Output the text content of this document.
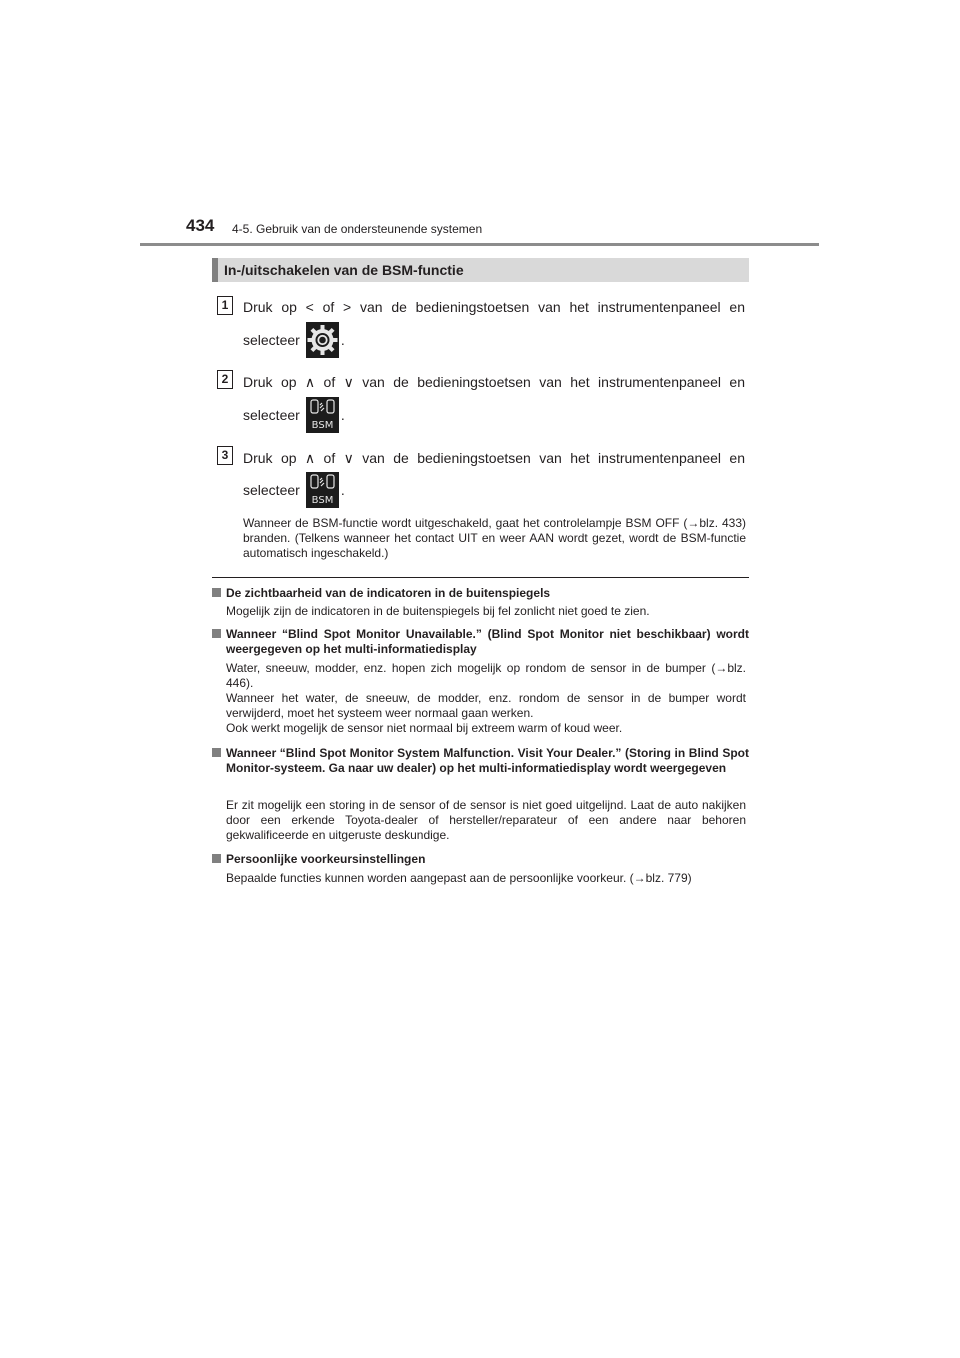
434 4-5. Gebruik van de ondersteunende systemen
In-/uitschakelen van de BSM-functie
1	Druk op < of > van de bedieningstoetsen van het instrumentenpaneel en
selecteer	.
2	Druk op ∧ of ∨ van de bedieningstoetsen van het instrumentenpaneel en
selecteer
BSM
.
3	Druk op ∧ of ∨ van de bedieningstoetsen van het instrumentenpaneel en
selecteer
BSM
.
Wanneer de BSM-functie wordt uitgeschakeld, gaat het controlelampje BSM OFF (→blz. 433) branden. (Telkens wanneer het contact UIT en weer AAN wordt gezet, wordt de BSM-functie automatisch ingeschakeld.)
De zichtbaarheid van de indicatoren in de buitenspiegels

Mogelijk zijn de indicatoren in de buitenspiegels bij fel zonlicht niet goed te zien.

Wanneer “Blind Spot Monitor Unavailable.” (Blind Spot Monitor niet beschikbaar) wordt weergegeven op het multi-informatiedisplay

Water, sneeuw, modder, enz. hopen zich mogelijk op rondom de sensor in de bumper (→blz. 446).

Wanneer het water, de sneeuw, de modder, enz. rondom de sensor in de bumper wordt verwijderd, moet het systeem weer normaal gaan werken.

Ook werkt mogelijk de sensor niet normaal bij extreem warm of koud weer.

Wanneer “Blind Spot Monitor System Malfunction. Visit Your Dealer.” (Storing in Blind Spot Monitor-systeem. Ga naar uw dealer) op het multi-informatiedisplay wordt weergegeven

Er zit mogelijk een storing in de sensor of de sensor is niet goed uitgelijnd. Laat de auto nakijken door een erkende Toyota-dealer of hersteller/reparateur of een andere naar behoren gekwalificeerde en uitgeruste deskundige.

Persoonlijke voorkeursinstellingen

Bepaalde functies kunnen worden aangepast aan de persoonlijke voorkeur. (→blz. 779)
